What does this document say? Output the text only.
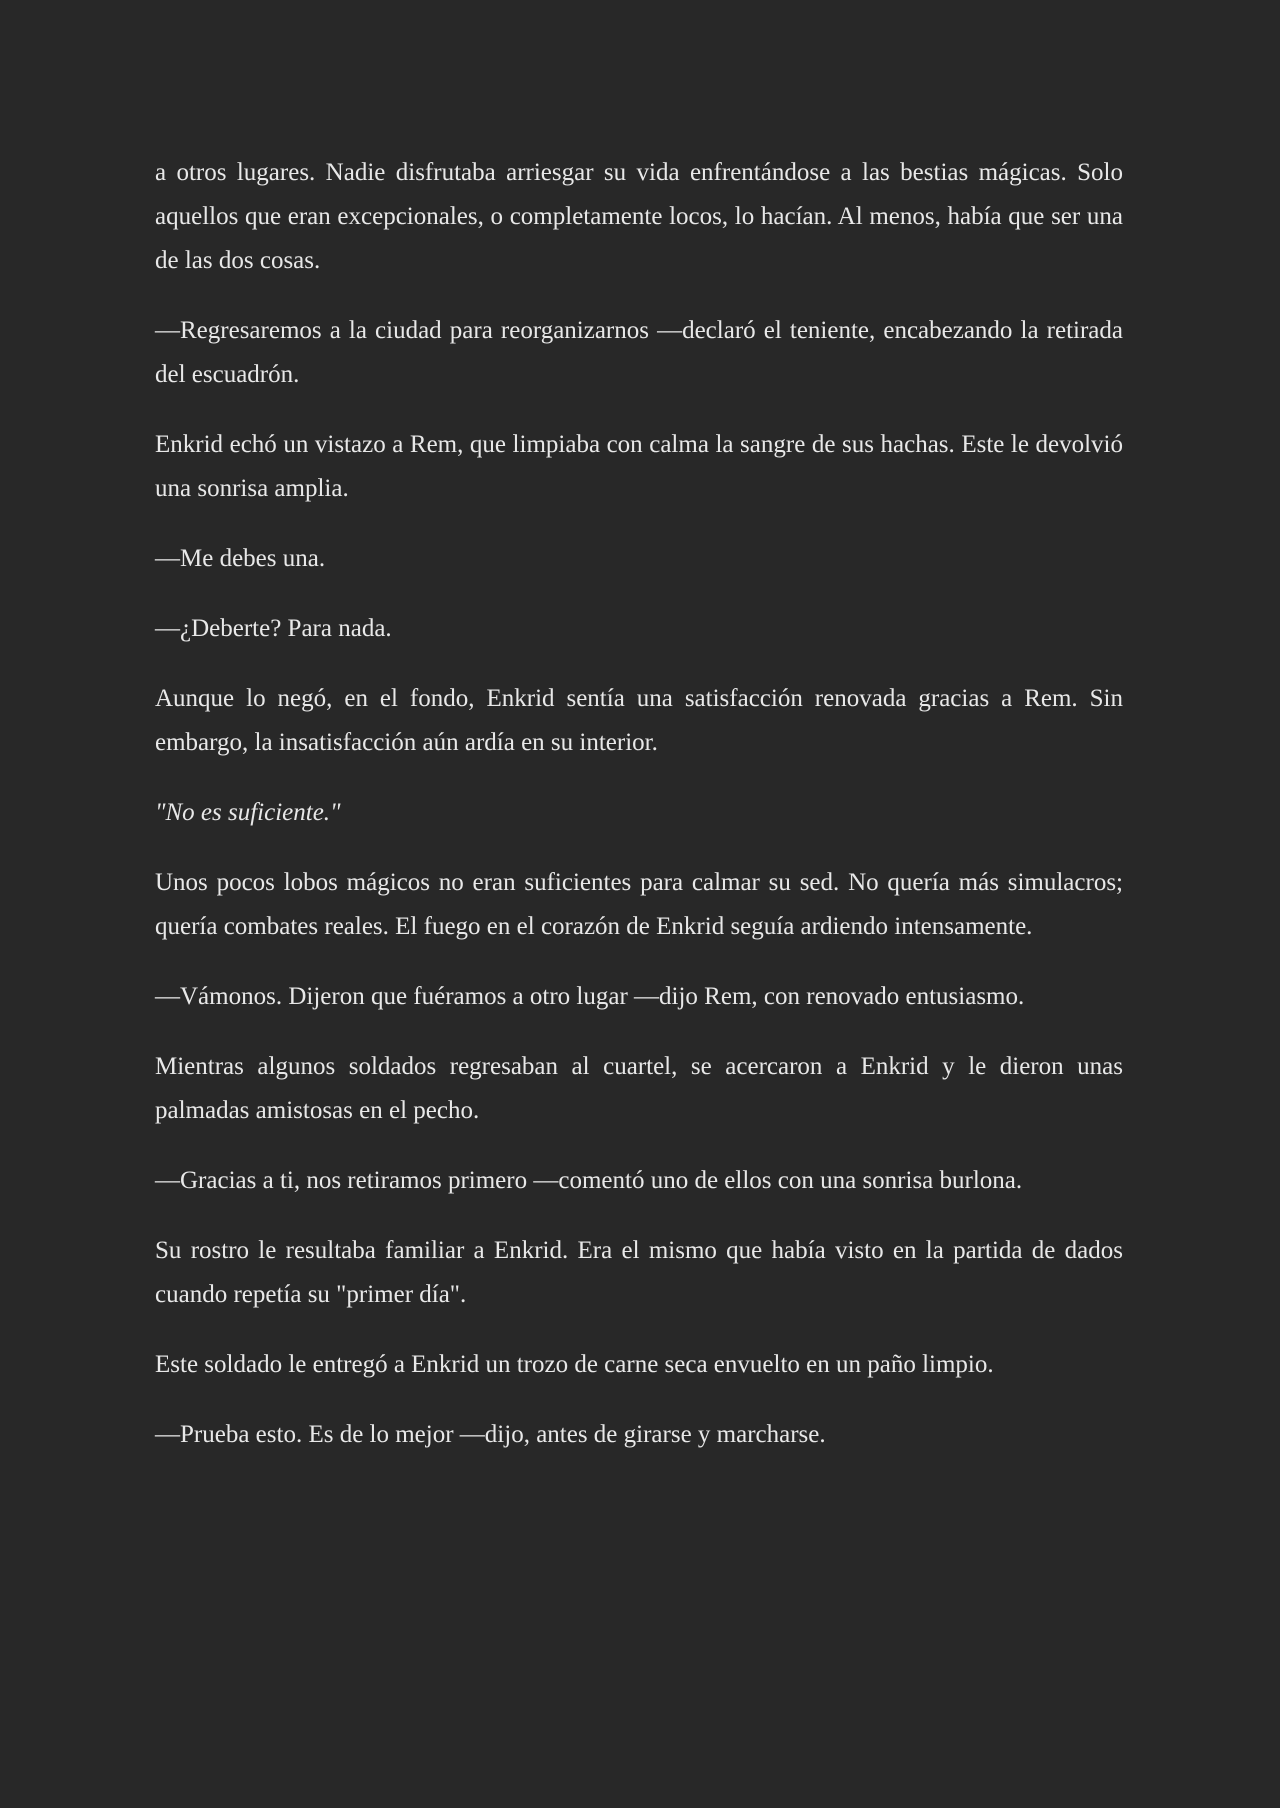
a otros lugares. Nadie disfrutaba arriesgar su vida enfrentándose a las bestias mágicas. Solo aquellos que eran excepcionales, o completamente locos, lo hacían. Al menos, había que ser una de las dos cosas.

—Regresaremos a la ciudad para reorganizarnos —declaró el teniente, encabezando la retirada del escuadrón.

Enkrid echó un vistazo a Rem, que limpiaba con calma la sangre de sus hachas. Este le devolvió una sonrisa amplia.

—Me debes una.

—¿Deberte? Para nada.

Aunque lo negó, en el fondo, Enkrid sentía una satisfacción renovada gracias a Rem. Sin embargo, la insatisfacción aún ardía en su interior.

"No es suficiente."

Unos pocos lobos mágicos no eran suficientes para calmar su sed. No quería más simulacros; quería combates reales. El fuego en el corazón de Enkrid seguía ardiendo intensamente.

—Vámonos. Dijeron que fuéramos a otro lugar —dijo Rem, con renovado entusiasmo.

Mientras algunos soldados regresaban al cuartel, se acercaron a Enkrid y le dieron unas palmadas amistosas en el pecho.

—Gracias a ti, nos retiramos primero —comentó uno de ellos con una sonrisa burlona.

Su rostro le resultaba familiar a Enkrid. Era el mismo que había visto en la partida de dados cuando repetía su "primer día".

Este soldado le entregó a Enkrid un trozo de carne seca envuelto en un paño limpio.

—Prueba esto. Es de lo mejor —dijo, antes de girarse y marcharse.
